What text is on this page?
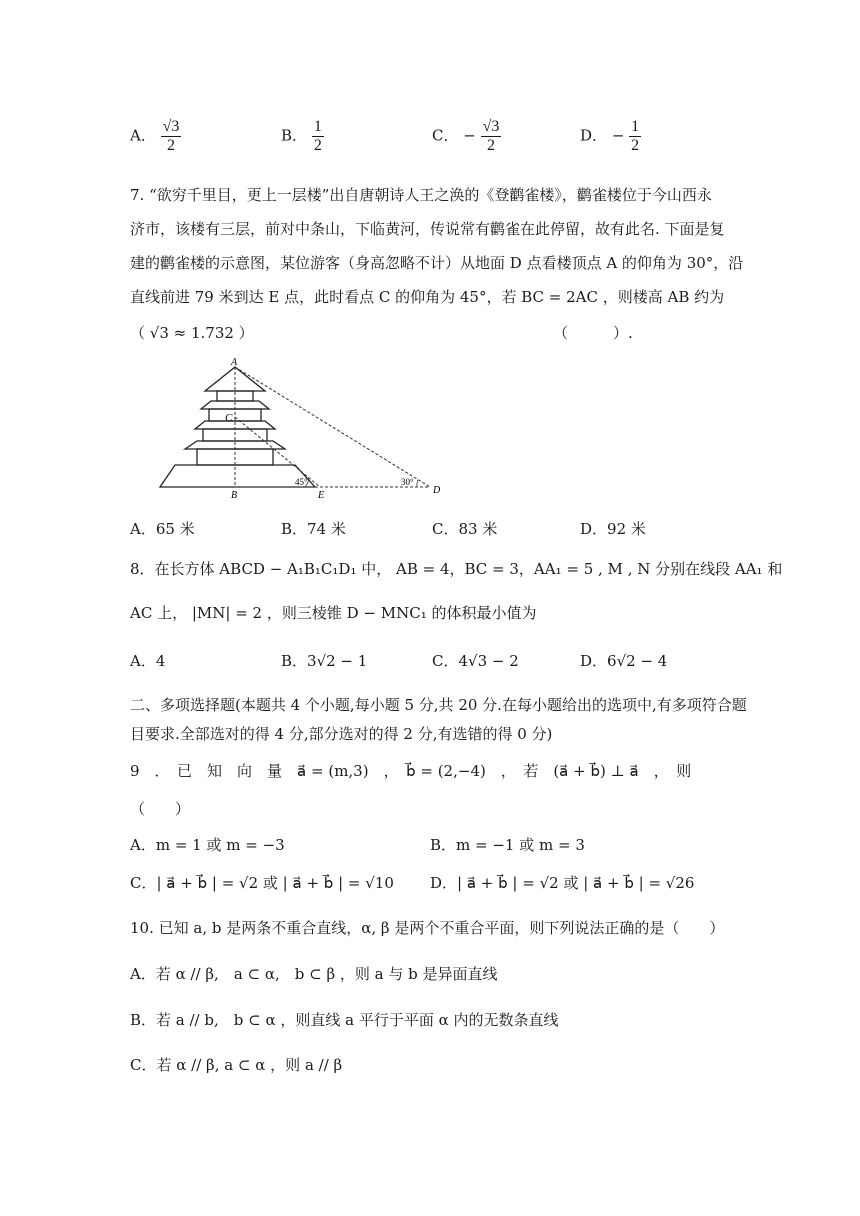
A． $\frac{√3}{2}$	B． $\frac{1}{2}$	C． − $\frac{√3}{2}$	D． − $\frac{1}{2}$
7. “欲穷千里目，更上一层楼”出自唐朝诗人王之涣的《登鹳雀楼》，鹳雀楼位于今山西永
济市，该楼有三层，前对中条山，下临黄河，传说常有鹳雀在此停留，故有此名. 下面是复
建的鹳雀楼的示意图，某位游客（身高忽略不计）从地面 D 点看楼顶点 A 的仰角为 30°，沿
直线前进 79 米到达 E 点，此时看点 C 的仰角为 45°，若 BC = 2AC ，则楼高 AB 约为
（ √3 ≈ 1.732 ）	（　　　）.
A
C
B	E	D
45°	30°
A．65 米	B．74 米	C．83 米	D．92 米
8．在长方体 ABCD − A₁B₁C₁D₁ 中， AB = 4，BC = 3，AA₁ = 5 , M , N 分别在线段 AA₁ 和
AC 上， |MN| = 2 ，则三棱锥 D − MNC₁ 的体积最小值为
A．4	B．3√2 − 1	C．4√3 − 2	D．6√2 − 4
二、多项选择题(本题共 4 个小题,每小题 5 分,共 20 分.在每小题给出的选项中,有多项符合题
目要求.全部选对的得 4 分,部分选对的得 2 分,有选错的得 0 分)
9　．　已　知　向　量　a⃗ = (m,3)　，　b⃗ = (2,−4)　，　若　(a⃗ + b⃗) ⊥ a⃗　，　则
（　　）
A．m = 1 或 m = −3	B．m = −1 或 m = 3
C．| a⃗ + b⃗ | = √2 或 | a⃗ + b⃗ | = √10 D．| a⃗ + b⃗ | = √2 或 | a⃗ + b⃗ | = √26
10. 已知 a, b 是两条不重合直线，α, β 是两个不重合平面，则下列说法正确的是（　　）
A．若 α // β,　a ⊂ α,　b ⊂ β ，则 a 与 b 是异面直线
B．若 a // b,　b ⊂ α ，则直线 a 平行于平面 α 内的无数条直线
C．若 α // β, a ⊂ α ，则 a // β
